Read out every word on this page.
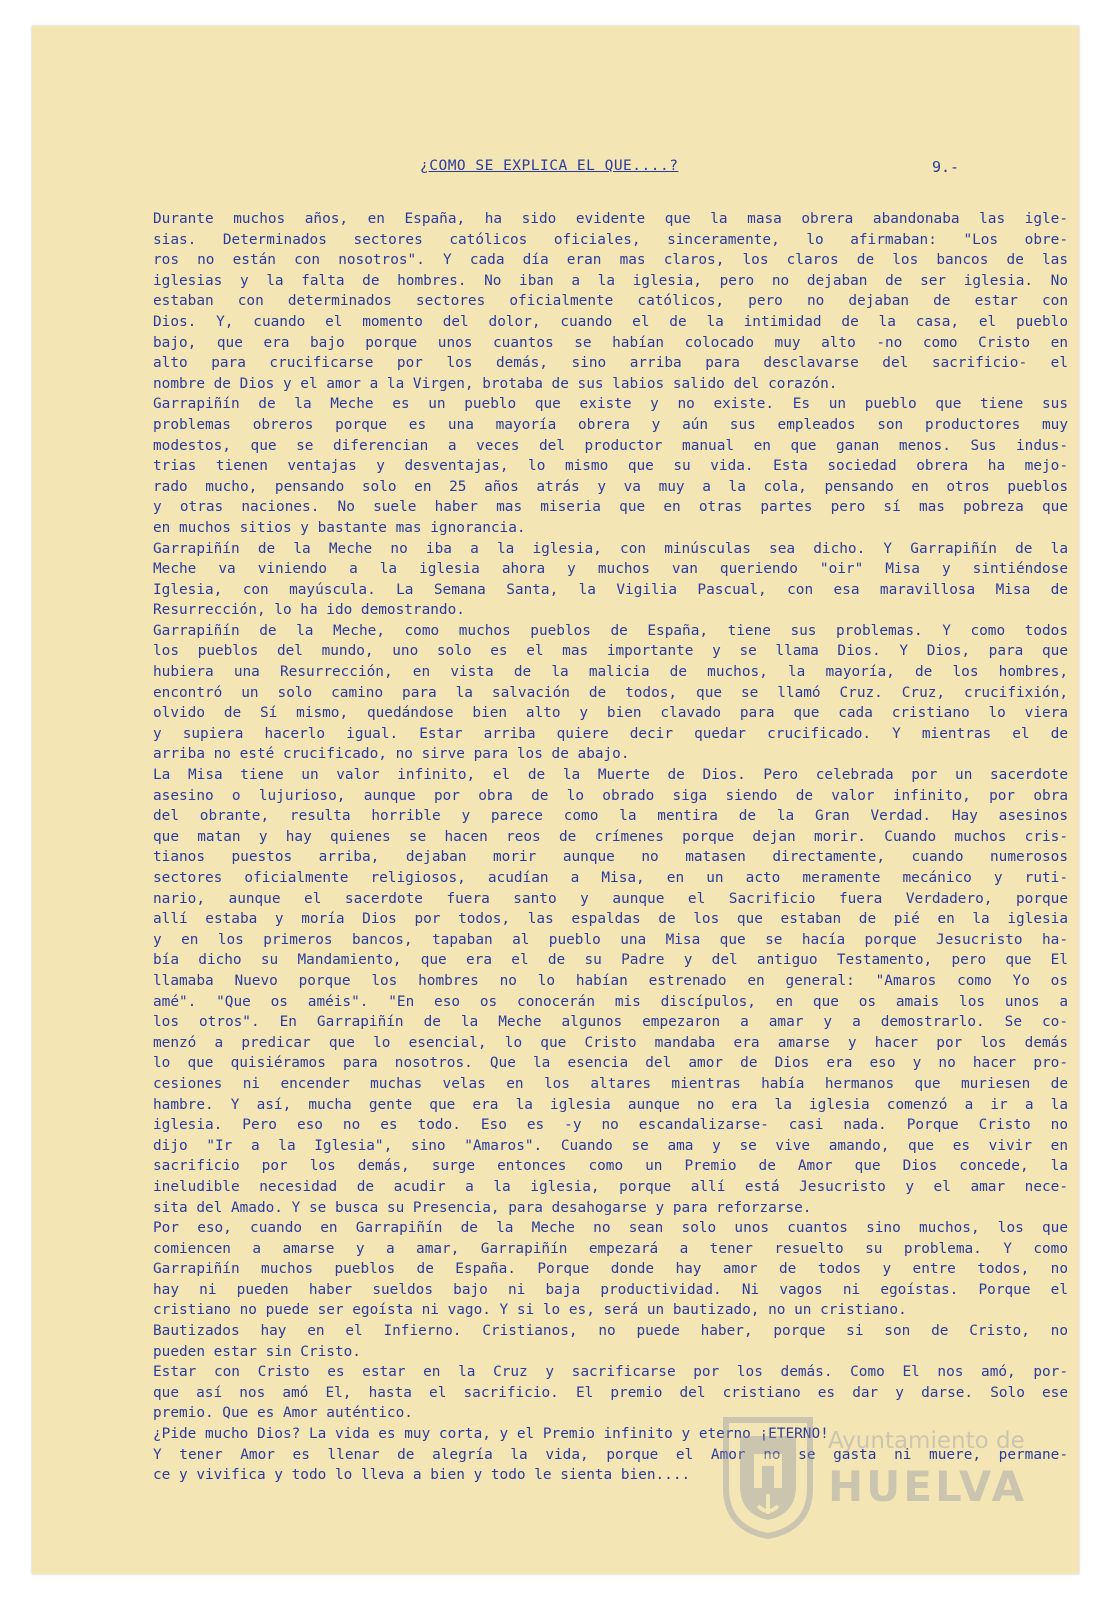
¿COMO SE EXPLICA EL QUE....?	9.-
Durante muchos años, en España, ha sido evidente que la masa obrera abandonaba las igle-
sias. Determinados sectores católicos oficiales, sinceramente, lo afirmaban: "Los obre-
ros no están con nosotros". Y cada día eran mas claros, los claros de los bancos de las
iglesias y la falta de hombres. No iban a la iglesia, pero no dejaban de ser iglesia. No
estaban con determinados sectores oficialmente católicos, pero no dejaban de estar con
Dios. Y, cuando el momento del dolor, cuando el de la intimidad de la casa, el pueblo
bajo, que era bajo porque unos cuantos se habían colocado muy alto -no como Cristo en
alto para crucificarse por los demás, sino arriba para desclavarse del sacrificio- el
nombre de Dios y el amor a la Virgen, brotaba de sus labios salido del corazón.
Garrapiñín de la Meche es un pueblo que existe y no existe. Es un pueblo que tiene sus
problemas obreros porque es una mayoría obrera y aún sus empleados son productores muy
modestos, que se diferencian a veces del productor manual en que ganan menos. Sus indus-
trias tienen ventajas y desventajas, lo mismo que su vida. Esta sociedad obrera ha mejo-
rado mucho, pensando solo en 25 años atrás y va muy a la cola, pensando en otros pueblos
y otras naciones. No suele haber mas miseria que en otras partes pero sí mas pobreza que
en muchos sitios y bastante mas ignorancia.
Garrapiñín de la Meche no iba a la iglesia, con minúsculas sea dicho. Y Garrapiñín de la
Meche va viniendo a la iglesia ahora y muchos van queriendo "oir" Misa y sintiéndose
Iglesia, con mayúscula. La Semana Santa, la Vigilia Pascual, con esa maravillosa Misa de
Resurrección, lo ha ido demostrando.
Garrapiñín de la Meche, como muchos pueblos de España, tiene sus problemas. Y como todos
los pueblos del mundo, uno solo es el mas importante y se llama Dios. Y Dios, para que
hubiera una Resurrección, en vista de la malicia de muchos, la mayoría, de los hombres,
encontró un solo camino para la salvación de todos, que se llamó Cruz. Cruz, crucifixión,
olvido de Sí mismo, quedándose bien alto y bien clavado para que cada cristiano lo viera
y supiera hacerlo igual. Estar arriba quiere decir quedar crucificado. Y mientras el de
arriba no esté crucificado, no sirve para los de abajo.
La Misa tiene un valor infinito, el de la Muerte de Dios. Pero celebrada por un sacerdote
asesino o lujurioso, aunque por obra de lo obrado siga siendo de valor infinito, por obra
del obrante, resulta horrible y parece como la mentira de la Gran Verdad. Hay asesinos
que matan y hay quienes se hacen reos de crímenes porque dejan morir. Cuando muchos cris-
tianos puestos arriba, dejaban morir aunque no matasen directamente, cuando numerosos
sectores oficialmente religiosos, acudían a Misa, en un acto meramente mecánico y ruti-
nario, aunque el sacerdote fuera santo y aunque el Sacrificio fuera Verdadero, porque
allí estaba y moría Dios por todos, las espaldas de los que estaban de pié en la iglesia
y en los primeros bancos, tapaban al pueblo una Misa que se hacía porque Jesucristo ha-
bía dicho su Mandamiento, que era el de su Padre y del antiguo Testamento, pero que El
llamaba Nuevo porque los hombres no lo habían estrenado en general: "Amaros como Yo os
amé". "Que os améis". "En eso os conocerán mis discípulos, en que os amais los unos a
los otros". En Garrapiñín de la Meche algunos empezaron a amar y a demostrarlo. Se co-
menzó a predicar que lo esencial, lo que Cristo mandaba era amarse y hacer por los demás
lo que quisiéramos para nosotros. Que la esencia del amor de Dios era eso y no hacer pro-
cesiones ni encender muchas velas en los altares mientras había hermanos que muriesen de
hambre. Y así, mucha gente que era la iglesia aunque no era la iglesia comenzó a ir a la
iglesia. Pero eso no es todo. Eso es -y no escandalizarse- casi nada. Porque Cristo no
dijo "Ir a la Iglesia", sino "Amaros". Cuando se ama y se vive amando, que es vivir en
sacrificio por los demás, surge entonces como un Premio de Amor que Dios concede, la
ineludible necesidad de acudir a la iglesia, porque allí está Jesucristo y el amar nece-
sita del Amado. Y se busca su Presencia, para desahogarse y para reforzarse.
Por eso, cuando en Garrapiñín de la Meche no sean solo unos cuantos sino muchos, los que
comiencen a amarse y a amar, Garrapiñín empezará a tener resuelto su problema. Y como
Garrapiñín muchos pueblos de España. Porque donde hay amor de todos y entre todos, no
hay ni pueden haber sueldos bajo ni baja productividad. Ni vagos ni egoístas. Porque el
cristiano no puede ser egoísta ni vago. Y si lo es, será un bautizado, no un cristiano.
Bautizados hay en el Infierno. Cristianos, no puede haber, porque si son de Cristo, no
pueden estar sin Cristo.
Estar con Cristo es estar en la Cruz y sacrificarse por los demás. Como El nos amó, por-
que así nos amó El, hasta el sacrificio. El premio del cristiano es dar y darse. Solo ese
premio. Que es Amor auténtico.
¿Pide mucho Dios? La vida es muy corta, y el Premio infinito y eterno ¡ETERNO!
Y tener Amor es llenar de alegría la vida, porque el Amor no se gasta ni muere, permane-
ce y vivifica y todo lo lleva a bien y todo le sienta bien....
Ayuntamiento de
HUELVA
